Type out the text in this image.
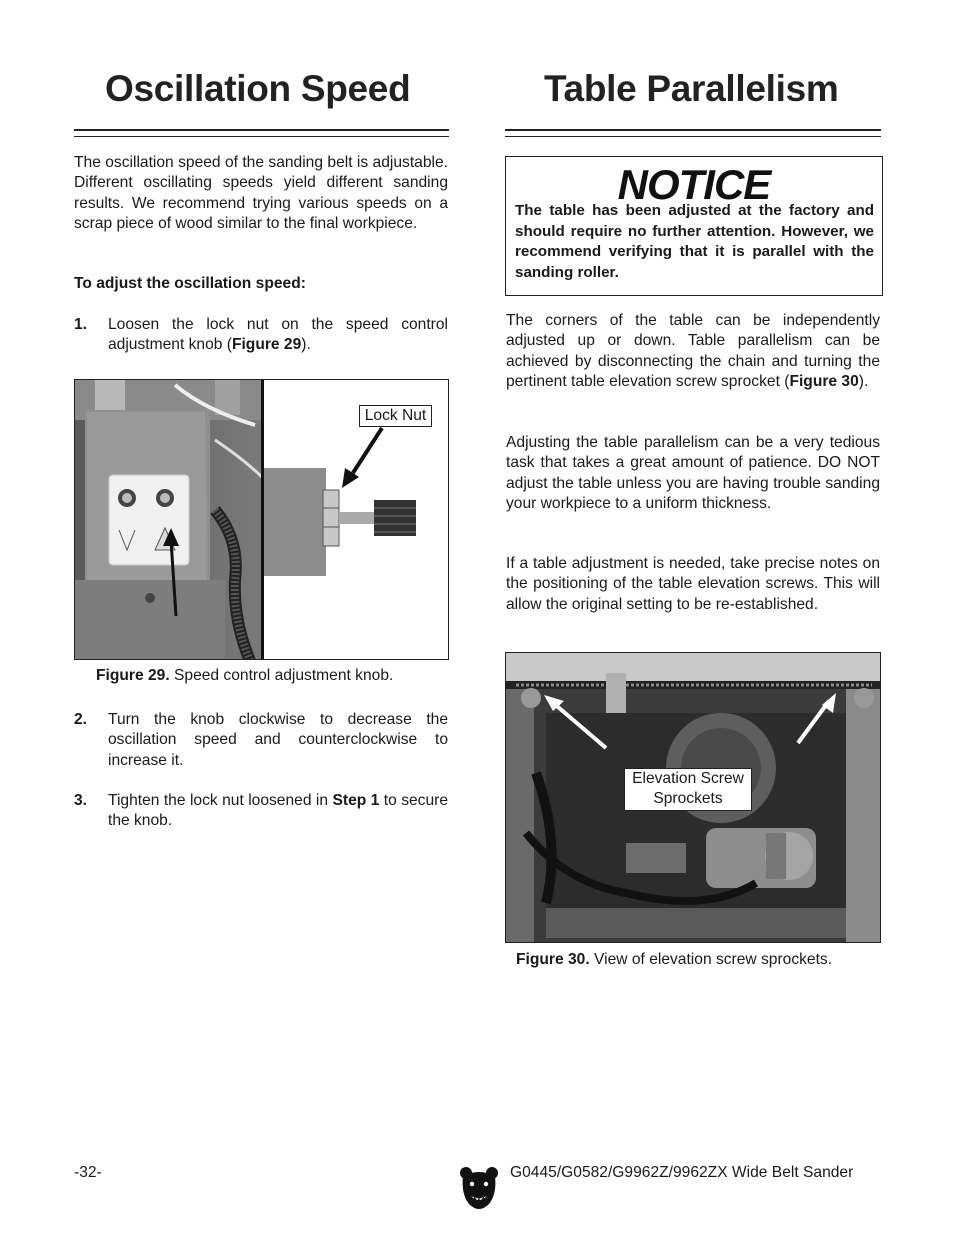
Oscillation Speed

The oscillation speed of the sanding belt is adjustable. Different oscillating speeds yield different sanding results. We recommend trying various speeds on a scrap piece of wood similar to the final workpiece.

To adjust the oscillation speed:

1. Loosen the lock nut on the speed control adjustment knob (Figure 29).
Lock Nut
Figure 29. Speed control adjustment knob.
2. Turn the knob clockwise to decrease the oscillation speed and counterclockwise to increase it.
3. Tighten the lock nut loosened in Step 1 to secure the knob.
Table Parallelism
NOTICE
The table has been adjusted at the factory and should require no further attention. However, we recommend verifying that it is parallel with the sanding roller.

The corners of the table can be independently adjusted up or down. Table parallelism can be achieved by disconnecting the chain and turning the pertinent table elevation screw sprocket (Figure 30).

Adjusting the table parallelism can be a very tedious task that takes a great amount of patience. DO NOT adjust the table unless you are having trouble sanding your workpiece to a uniform thickness.

If a table adjustment is needed, take precise notes on the positioning of the table elevation screws. This will allow the original setting to be re-established.

Elevation Screw
Sprockets
Figure 30. View of elevation screw sprockets.
-32-	G0445/G0582/G9962Z/9962ZX Wide Belt Sander
